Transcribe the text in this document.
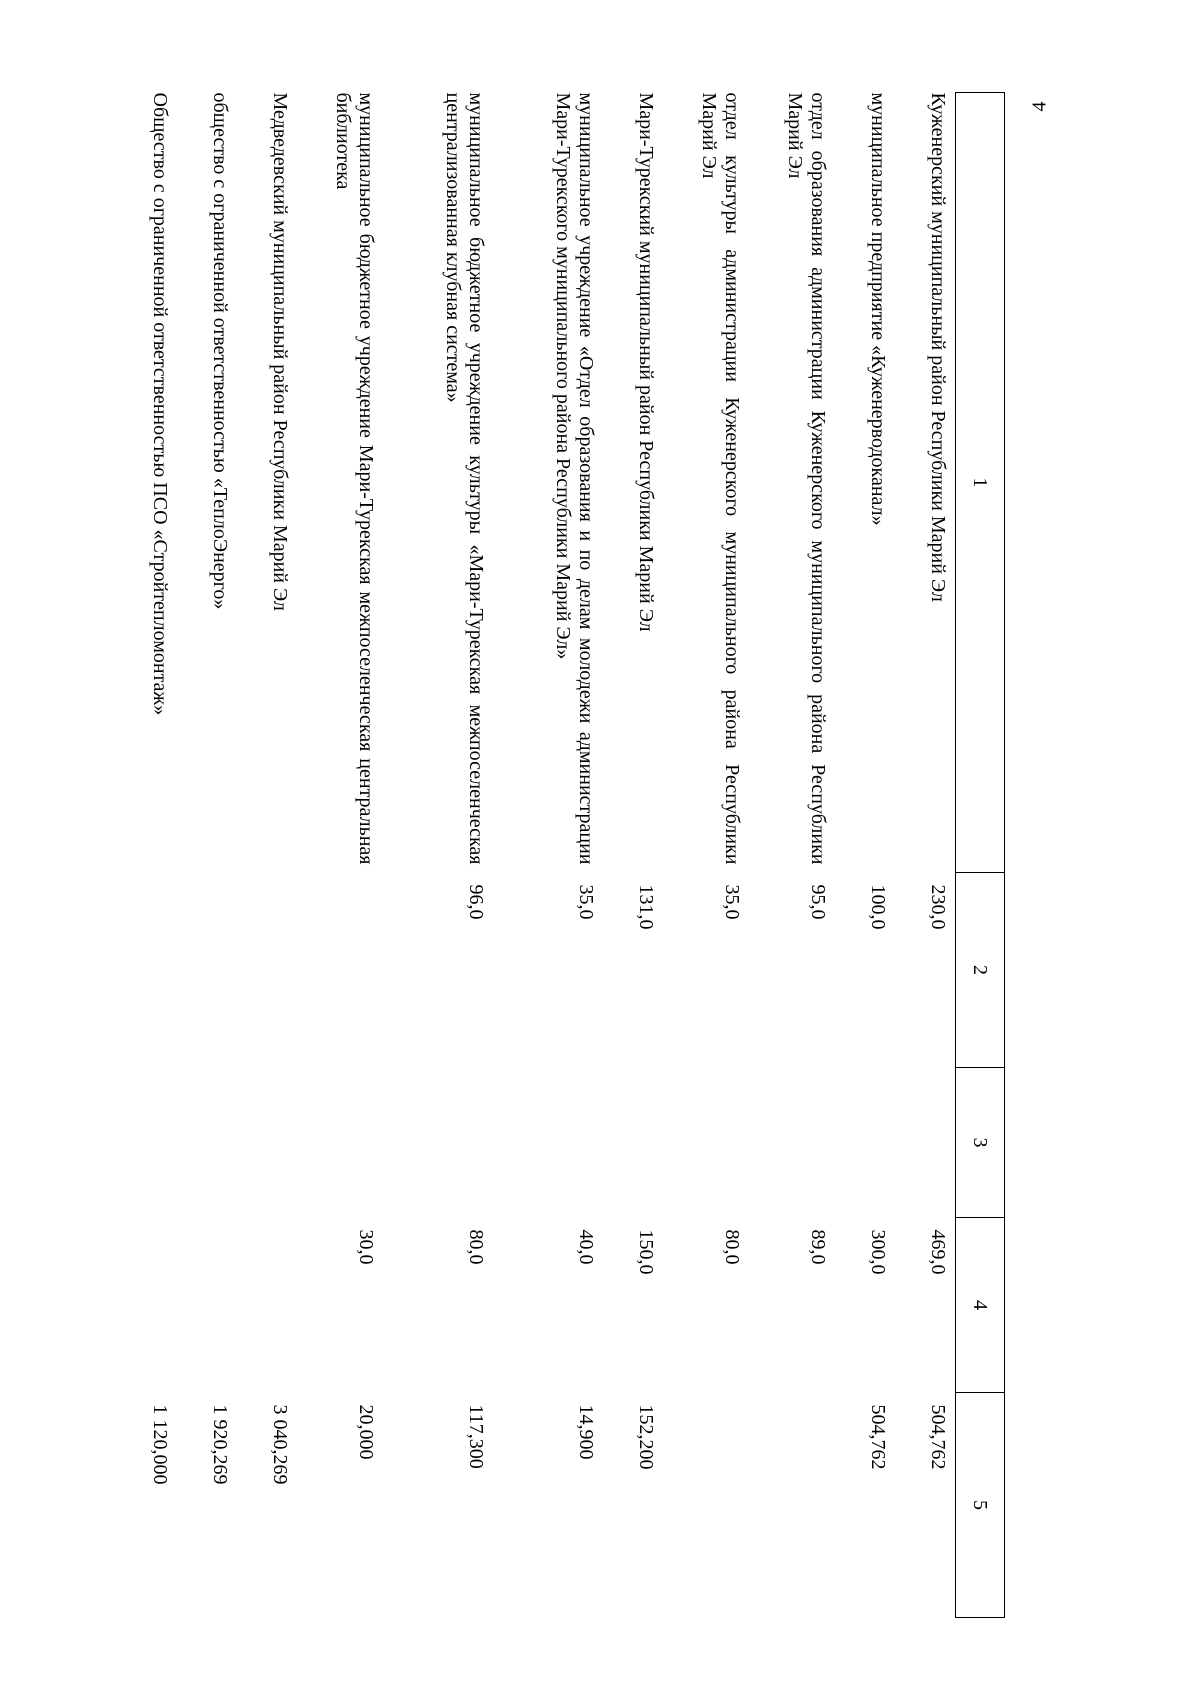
4
1	2	3	4	5
Куженерский муниципальный район Республики Марий Эл	230,0		469,0	504,762
муниципальное предприятие «Куженерводоканал»	100,0		300,0	504,762
отдел образования администрации Куженерского муниципального района Республики Марий Эл	95,0		89,0	
отдел культуры администрации Куженерского муниципального района Республики Марий Эл	35,0		80,0	
Мари-Турекский муниципальный район Республики Марий Эл	131,0		150,0	152,200
муниципальное учреждение «Отдел образования и по делам молодежи администрации Мари-Турекского муниципального района Республики Марий Эл»	35,0		40,0	14,900
муниципальное бюджетное учреждение культуры «Мари-Турекская межпоселенческая централизованная клубная система»	96,0		80,0	117,300
муниципальное бюджетное учреждение Мари-Турекская межпоселенческая центральная библиотека			30,0	20,000
Медведевский муниципальный район Республики Марий Эл				3 040,269
общество с ограниченной ответственностью «ТеплоЭнерго»				1 920,269
Общество с ограниченной ответственностью ПСО «Стройтепломонтаж»				1 120,000
